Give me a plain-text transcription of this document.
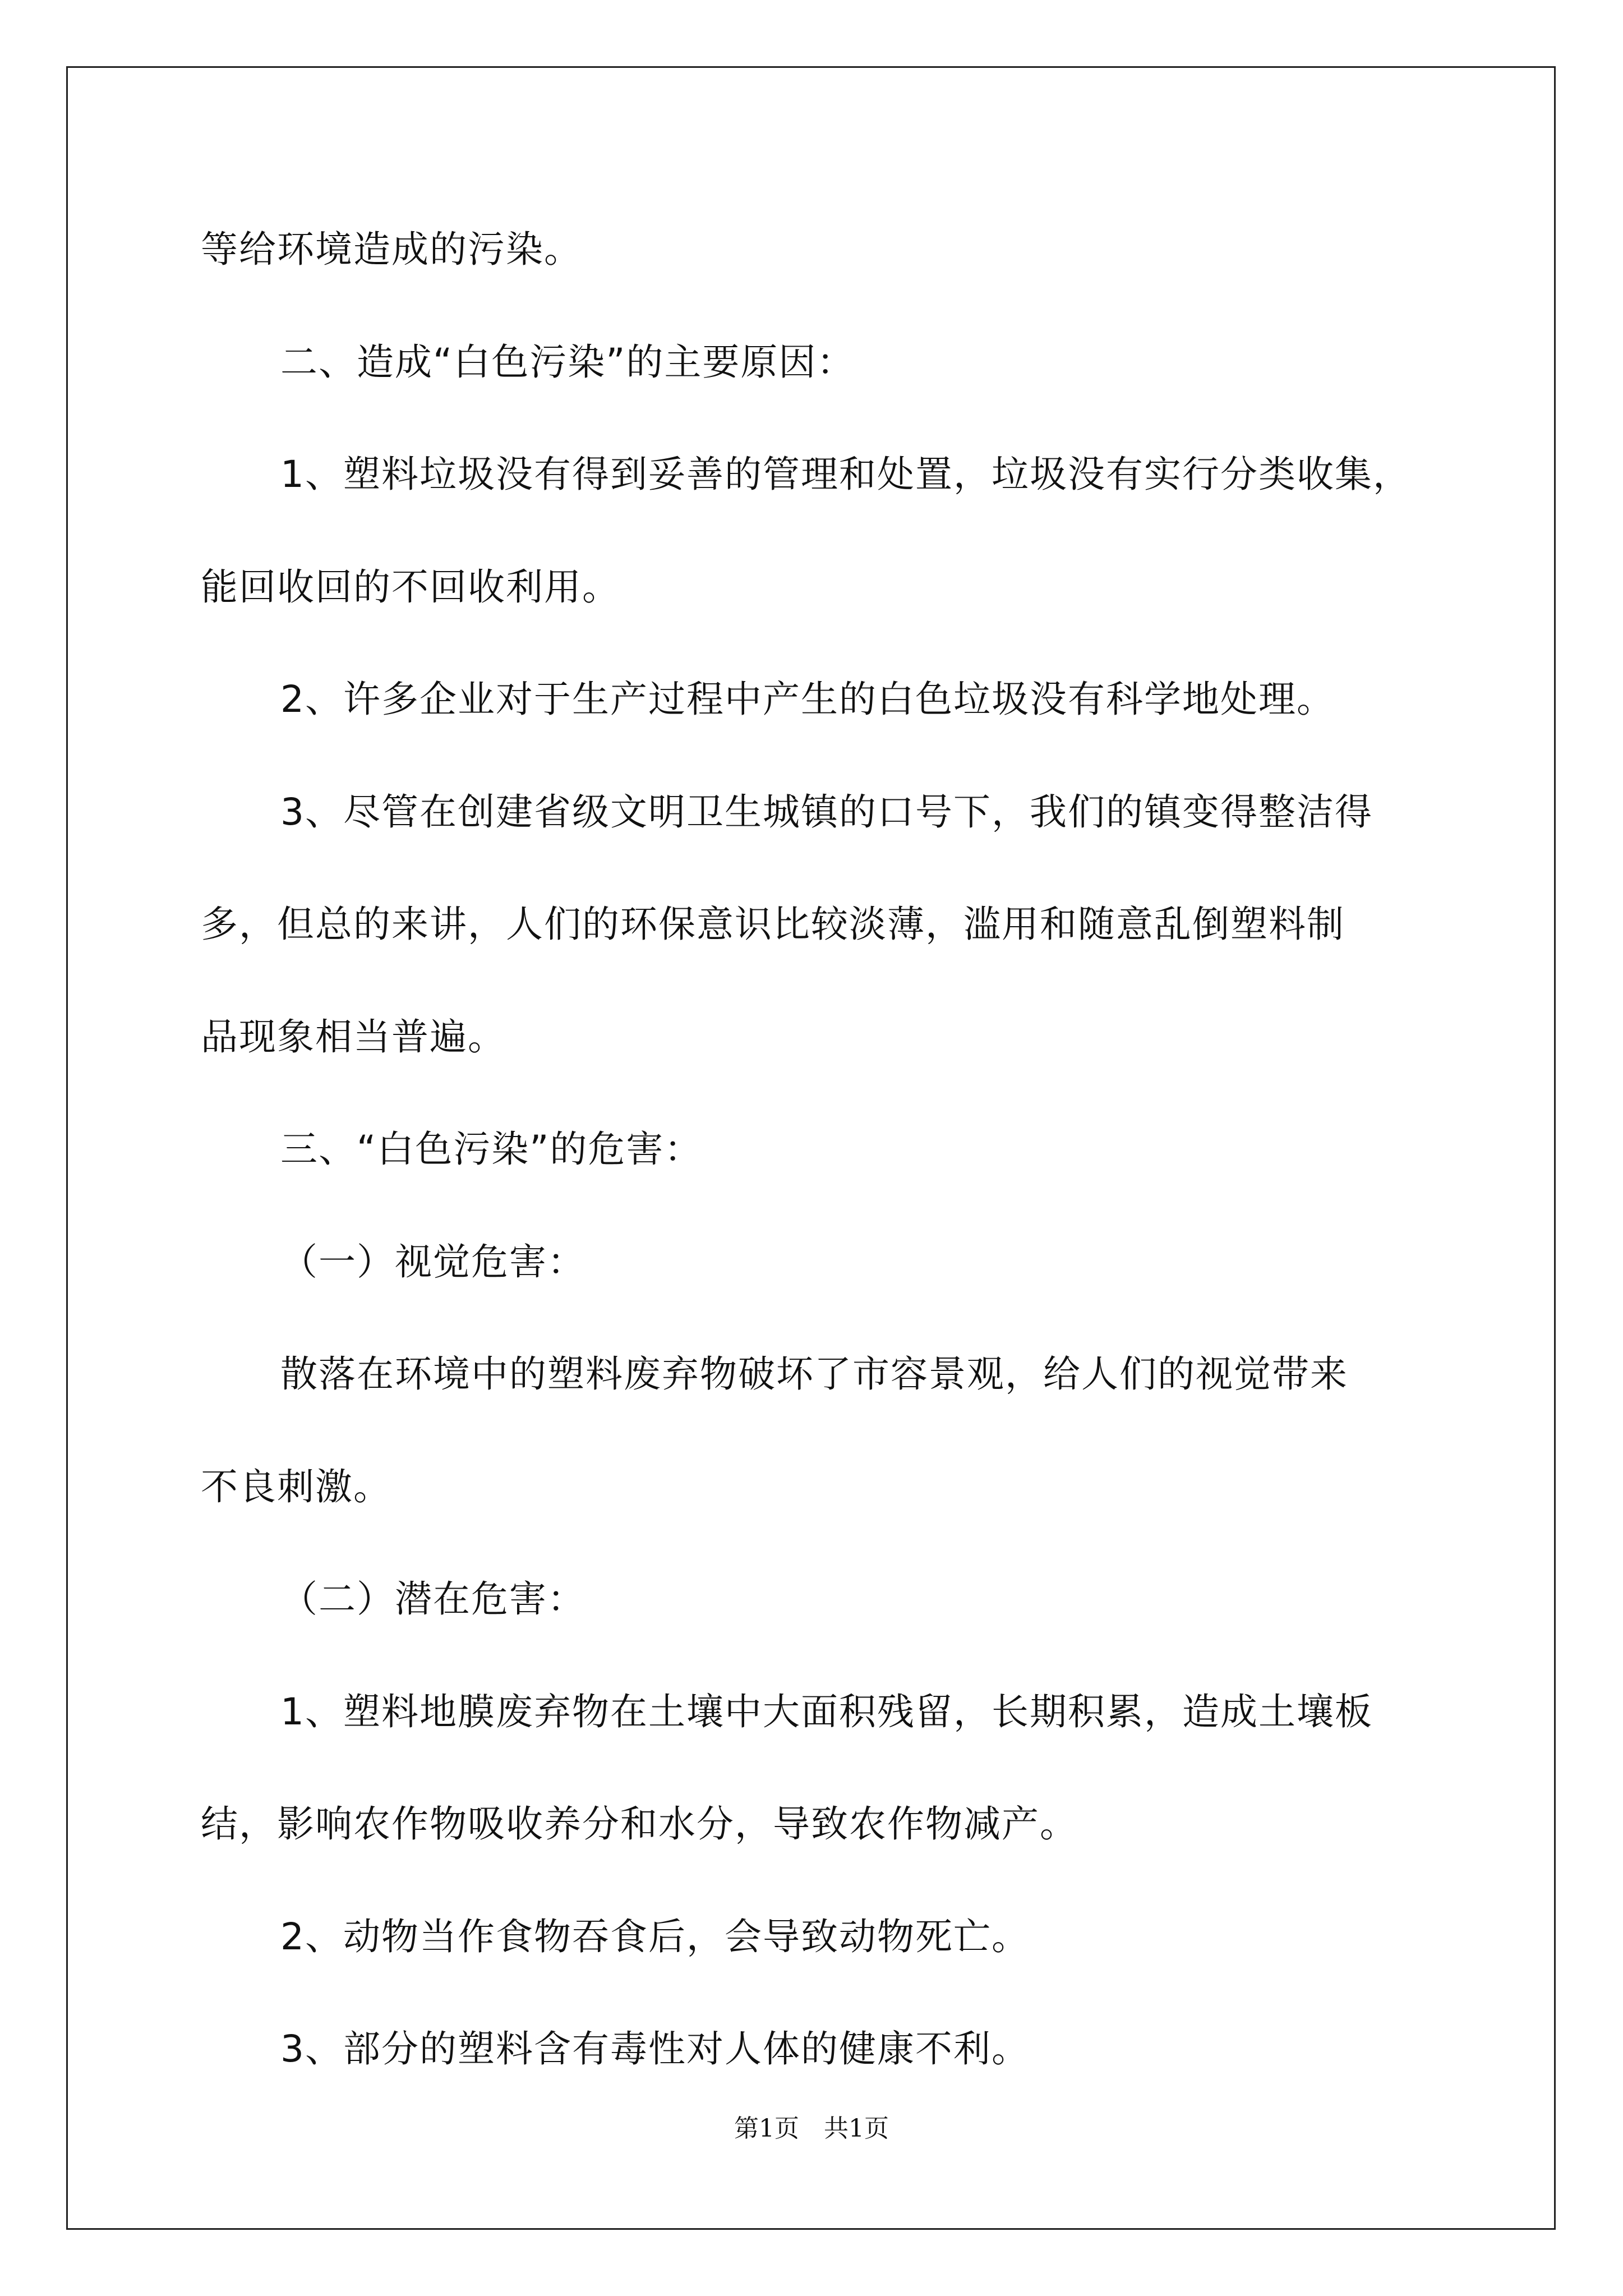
等给环境造成的污染。
二、造成“白色污染”的主要原因：
1、塑料垃圾没有得到妥善的管理和处置，垃圾没有实行分类收集，
能回收回的不回收利用。
2、许多企业对于生产过程中产生的白色垃圾没有科学地处理。
3、尽管在创建省级文明卫生城镇的口号下，我们的镇变得整洁得
多，但总的来讲，人们的环保意识比较淡薄，滥用和随意乱倒塑料制
品现象相当普遍。
三、“白色污染”的危害：
（一）视觉危害：
散落在环境中的塑料废弃物破坏了市容景观，给人们的视觉带来
不良刺激。
（二）潜在危害：
1、塑料地膜废弃物在土壤中大面积残留，长期积累，造成土壤板
结，影响农作物吸收养分和水分，导致农作物减产。
2、动物当作食物吞食后，会导致动物死亡。
第1页　共1页
3、部分的塑料含有毒性对人体的健康不利。
